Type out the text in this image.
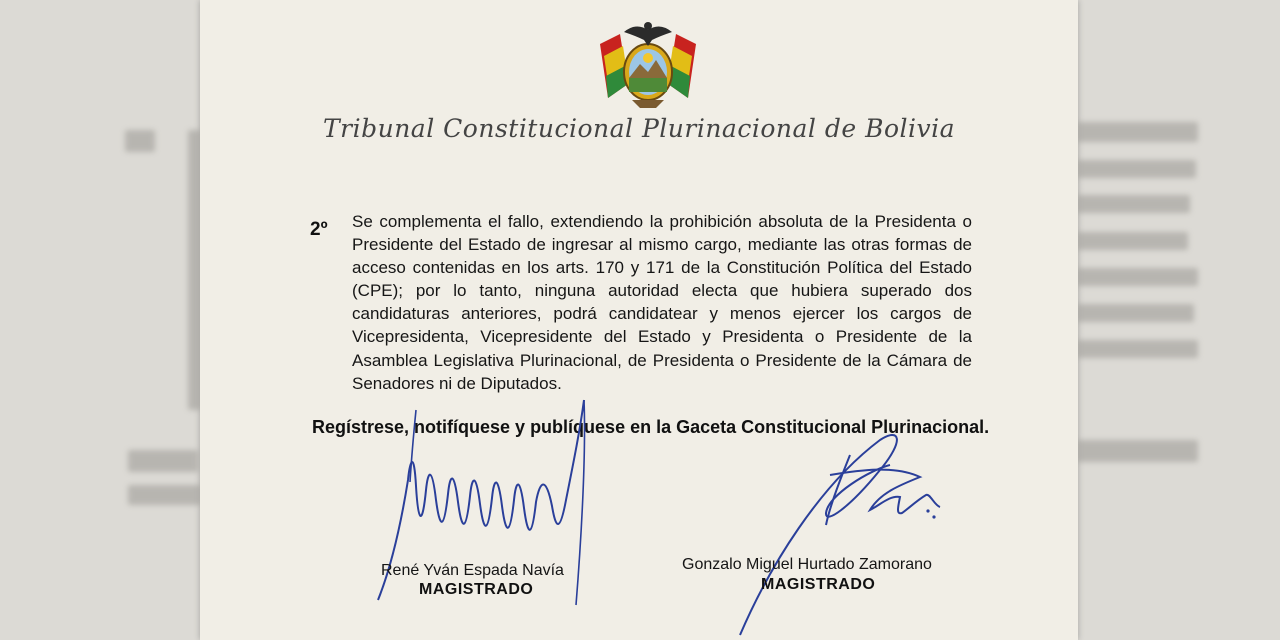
Tribunal Constitucional Plurinacional de Bolivia
2º Se complementa el fallo, extendiendo la prohibición absoluta de la Presidenta o Presidente del Estado de ingresar al mismo cargo, mediante las otras formas de acceso contenidas en los arts. 170 y 171 de la Constitución Política del Estado (CPE); por lo tanto, ninguna autoridad electa que hubiera superado dos candidaturas anteriores, podrá candidatear y menos ejercer los cargos de Vicepresidenta, Vicepresidente del Estado y Presidenta o Presidente de la Asamblea Legislativa Plurinacional, de Presidenta o Presidente de la Cámara de Senadores ni de Diputados.
Regístrese, notifíquese y publíquese en la Gaceta Constitucional Plurinacional.
René Yván Espada Navía
MAGISTRADO
Gonzalo Miguel Hurtado Zamorano
MAGISTRADO
